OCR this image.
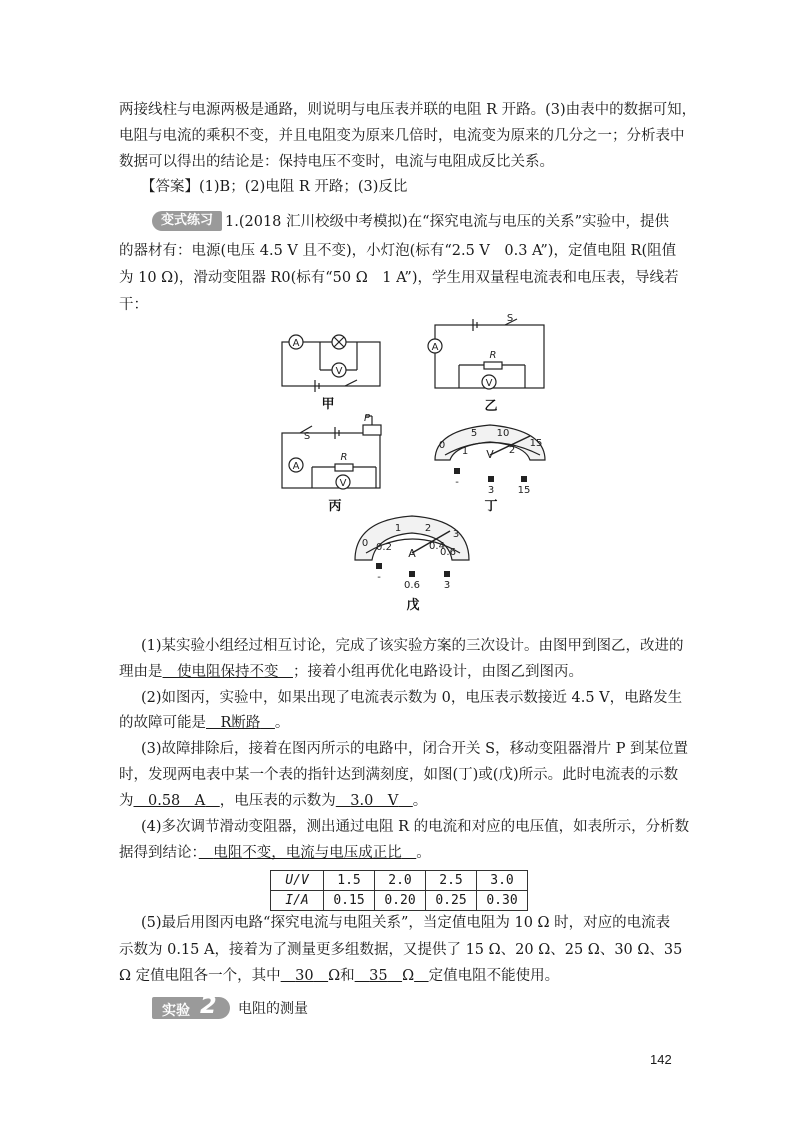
两接线柱与电源两极是通路，则说明与电压表并联的电阻 R 开路。(3)由表中的数据可知，
电阻与电流的乘积不变，并且电阻变为原来几倍时，电流变为原来的几分之一；分析表中
数据可以得出的结论是：保持电压不变时，电流与电阻成反比关系。
【答案】(1)B；(2)电阻 R 开路；(3)反比
变式练习 1.(2018 汇川校级中考模拟)在“探究电流与电压的关系”实验中，提供
的器材有：电源(电压 4.5 V 且不变)，小灯泡(标有“2.5 V　0.3 A”)，定值电阻 R(阻值
为 10 Ω)，滑动变阻器 R0(标有“50 Ω　1 A”)，学生用双量程电流表和电压表，导线若
干：
A
V
A
V
A
V
R
R
S
S
P
0
5 10
15
1	2
V
-
3 15
0
1 2
3
0.2	0.4
0.6
A
-
0.6 3
甲	乙
丙	丁
戊
(1)某实验小组经过相互讨论，完成了该实验方案的三次设计。由图甲到图乙，改进的
理由是　 使电阻保持不变　 ；接着小组再优化电路设计，由图乙到图丙。
(2)如图丙，实验中，如果出现了电流表示数为 0，电压表示数接近 4.5 V，电路发生
的故障可能是　 R断路　 。
(3)故障排除后，接着在图丙所示的电路中，闭合开关 S，移动变阻器滑片 P 到某位置
时，发现两电表中某一个表的指针达到满刻度，如图(丁)或(戊)所示。此时电流表的示数
为　 0.58　A　 ，电压表的示数为　 3.0　V　 。
(4)多次调节滑动变阻器，测出通过电阻 R 的电流和对应的电压值，如表所示，分析数
据得到结论：　 电阻不变，电流与电压成正比　 。
U/V	1.5	2.0	2.5	3.0
I/A	0.15	0.20	0.25	0.30
(5)最后用图丙电路“探究电流与电阻关系”，当定值电阻为 10 Ω 时，对应的电流表
示数为 0.15 A，接着为了测量更多组数据，又提供了 15 Ω、20 Ω、25 Ω、30 Ω、35
Ω 定值电阻各一个，其中　 30　 Ω和　 35　 Ω　 定值电阻不能使用。
实验 2 电阻的测量
142
